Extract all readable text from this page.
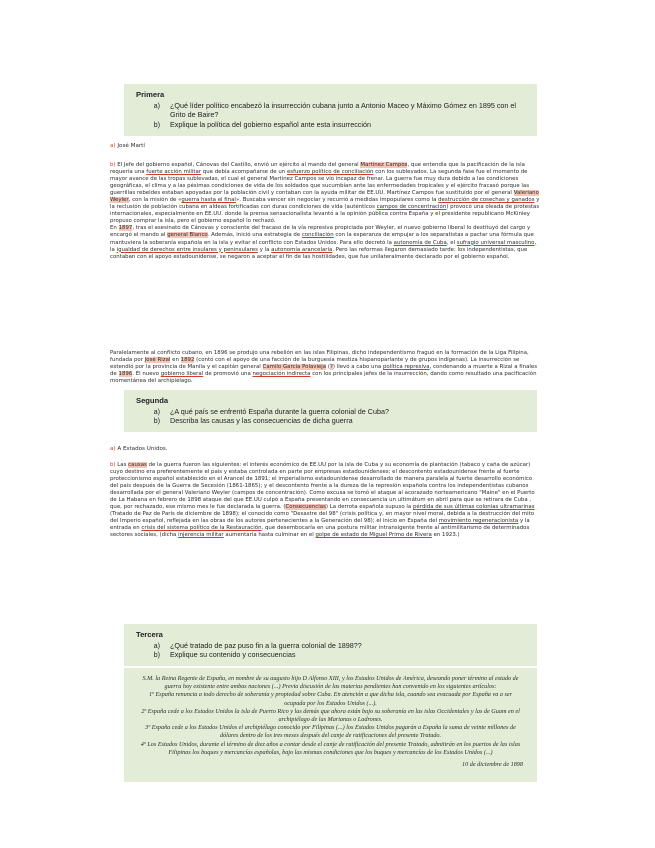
Primera
a)	¿Qué líder político encabezó la insurrección cubana junto a Antonio Maceo y Máximo Gómez en 1895 con el Grito de Baire?
b)	Explique la política del gobierno español ante esta insurrección
a) José Martí

b) El Jefe del gobierno español, Cánovas del Castillo, envió un ejército al mando del general Martínez Campos, que entendía que la pacificación de la isla requería una fuerte acción militar que debía acompañarse de un esfuerzo político de conciliación con los sublevados. La segunda fase fue el momento de mayor avance de las tropas sublevadas, el cual el general Martínez Campos se vio incapaz de frenar. La guerra fue muy dura debido a las condiciones geográficas, el clima y a las pésimas condiciones de vida de los soldados que sucumbían ante las enfermedades tropicales y el ejército fracasó porque las guerrillas rebeldes estaban apoyadas por la población civil y contaban con la ayuda militar de EE.UU. Martínez Campos fue sustituido por el general Valeriano Weyler, con la misión de «guerra hasta el final». Buscaba vencer sin negociar y recurrió a medidas impopulares como la destrucción de cosechas y ganados y la reclusión de población cubana en aldeas fortificadas con duras condiciones de vida (auténticos campos de concentración) provocó una oleada de protestas internacionales, especialmente en EE.UU. donde la prensa sensacionalista levantó a la opinión pública contra España y el presidente republicano McKinley propuso comprar la isla, pero el gobierno español lo rechazó.

En 1897, tras el asesinato de Cánovas y consciente del fracaso de la vía represiva propiciada por Weyler, el nuevo gobierno liberal lo destituyó del cargo y encargó el mando al general Blanco. Además, inició una estrategia de conciliación con la esperanza de empujar a los separatistas a pactar una fórmula que mantuviera la soberanía española en la isla y evitar el conflicto con Estados Unidos. Para ello decretó la autonomía de Cuba, el sufragio universal masculino, la igualdad de derechos entre insulares y peninsulares y la autonomía arancelaria. Pero las reformas llegaron demasiado tarde: los independentistas, que contaban con el apoyo estadounidense, se negaron a aceptar el fin de las hostilidades, que fue unilateralmente declarado por el gobierno español.

Paralelamente al conflicto cubano, en 1896 se produjo una rebelión en las islas Filipinas, dicho independentismo fraguó en la formación de la Liga Filipina, fundada por José Rizal en 1892 (contó con el apoyo de una facción de la burguesía mestiza hispanoparlante y de grupos indígenas). La insurrección se extendió por la provincia de Manila y el capitán general Camilo García Polavieja (?) llevó a cabo una política represiva, condenando a muerte a Rizal a finales de 1896. El nuevo gobierno liberal de promovió una negociación indirecta con los principales jefes de la insurrección, dando como resultado una pacificación momentánea del archipiélago.

Segunda
a)	¿A qué país se enfrentó España durante la guerra colonial de Cuba?
b)	Describa las causas y las consecuencias de dicha guerra
a) A Estados Unidos.

b) Las causas de la guerra fueron las siguientes: el interés económico de EE.UU por la isla de Cuba y su economía de plantación (tabaco y caña de azúcar) cuyo destino era preferentemente el país y estaba controlada en parte por empresas estadounidenses; el descontento estadounidense frente al fuerte proteccionismo español establecido en el Arancel de 1891; el imperialismo estadounidense desarrollado de manera paralela al fuerte desarrollo económico del país después de la Guerra de Secesión (1861-1865); y el descontento frente a la dureza de la represión española contra los independentistas cubanos desarrollada por el general Valeriano Weyler (campos de concentración). Como excusa se tomó el ataque al acorazado norteamericano "Maine" en el Puerto de La Habana en febrero de 1898 ataque del que EE.UU culpó a España presentando en consecuencia un ultimátum en abril para que se retirara de Cuba , que, por rechazado, ese mismo mes le fue declarada la guerra. (Consecuencias) La derrota española supuso la pérdida de sus últimas colonias ultramarinas (Tratado de Paz de París de diciembre de 1898); el conocido como "Desastre del 98" (crisis política y, en mayor nivel moral, debida a la destrucción del mito del Imperio español, reflejada en las obras de los autores pertenecientes a la Generación del 98); el inicio en España del movimiento regeneracionista y la entrada en crisis del sistema político de la Restauración, que desembocaría en una postura militar intransigente frente al antimilitarismo de determinados sectores sociales, (dicha injerencia militar aumentaría hasta culminar en el golpe de estado de Miguel Primo de Rivera en 1923.)

Tercera
a)	¿Qué tratado de paz puso fin a la guerra colonial de 1898??
b)	Explique su contenido y consecuencias

S.M. la Reina Regente de España, en nombre de su augusto hijo D Alfonso XIII, y los Estados Unidos de América, deseando poner término al estado de guerra hoy existente entre ambas naciones (...) Previa discusión de las materias pendientes han convenido en los siguientes artículos:

1º España renuncia a todo derecho de soberanía y propiedad sobre Cuba. En atención a que dicha isla, cuando sea evacuada por España va a ser ocupada por los Estados Unidos (...).

2º España cede a los Estados Unidos la isla de Puerto Rico y las demás que ahora están bajo su soberanía en las islas Occidentales y las de Guam en el archipiélago de las Marianas o Ladrones.

3º España cede a los Estados Unidos el archipiélago conocido por Filipinas (...) los Estados Unidos pagarán a España la suma de veinte millones de dólares dentro de los tres meses después del canje de ratificaciones del presente Tratado.

4º Los Estados Unidos, durante el término de diez años a contar desde el canje de ratificación del presente Tratado, admitirán en los puertos de las islas Filipinas los buques y mercancías españolas, bajo las mismas condiciones que los buques y mercancías de los Estados Unidos (...)

10 de diciembre de 1898
